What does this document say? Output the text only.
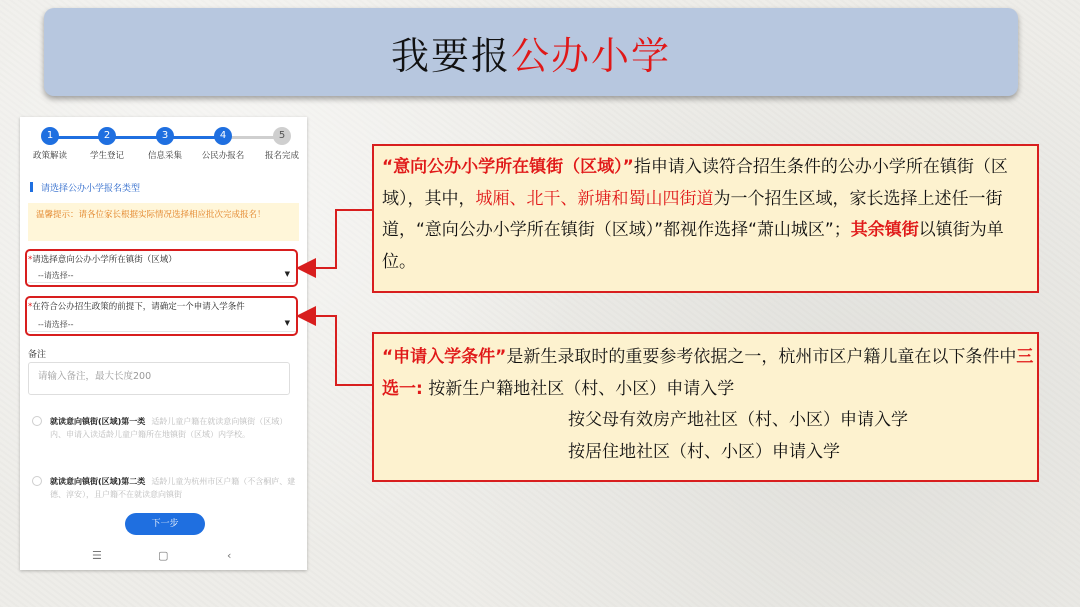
我要报 公办小学
1
政策解读
2
学生登记
3
信息采集
4
公民办报名
5
报名完成
请选择公办小学报名类型
温馨提示：请各位家长根据实际情况选择相应批次完成报名！
*请选择意向公办小学所在镇街（区域）
--请选择--	▼
*在符合公办招生政策的前提下，请确定一个申请入学条件
--请选择--	▼
备注
请输入备注，最大长度200
就读意向镇街(区域)第一类 适龄儿童户籍在就读意向镇街（区域）内、申请入读适龄儿童户籍所在地镇街（区域）内学校。
就读意向镇街(区域)第二类 适龄儿童为杭州市区户籍（不含桐庐、建德、淳安），且户籍不在就读意向镇街
下一步
☰	▢	‹
“意向公办小学所在镇街（区域）”指申请入读符合招生条件的公办小学所在镇街（区域），其中，城厢、北干、新塘和蜀山四街道为一个招生区域，家长选择上述任一街道，“意向公办小学所在镇街（区域）”都视作选择“萧山城区”；其余镇街以镇街为单位。
“申请入学条件”是新生录取时的重要参考依据之一，杭州市区户籍儿童在以下条件中三选一: 按新生户籍地社区（村、小区）申请入学
按父母有效房产地社区（村、小区）申请入学
按居住地社区（村、小区）申请入学
